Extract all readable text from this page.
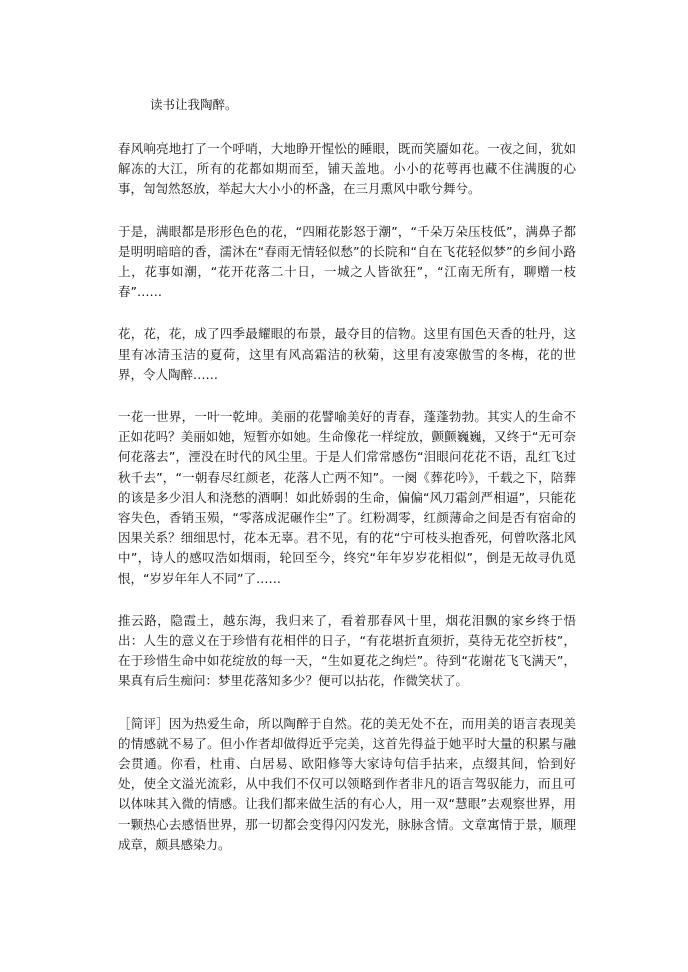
读书让我陶醉。

春风响亮地打了一个呼哨，大地睁开惺忪的睡眼，既而笑靥如花。一夜之间，犹如解冻的大江，所有的花都如期而至，铺天盖地。小小的花萼再也藏不住满腹的心事，訇訇然怒放，举起大大小小的杯盏，在三月熏风中歌兮舞兮。

于是，满眼都是形形色色的花，“四厢花影怒于潮”，“千朵万朵压枝低”，满鼻子都是明明暗暗的香，濡沐在“春雨无情轻似愁”的长院和“自在飞花轻似梦”的乡间小路上，花事如潮，“花开花落二十日，一城之人皆欲狂”，“江南无所有，聊赠一枝春”……

花，花，花，成了四季最耀眼的布景，最夺目的信物。这里有国色天香的牡丹，这里有冰清玉洁的夏荷，这里有风高霜洁的秋菊，这里有凌寒傲雪的冬梅，花的世界，令人陶醉……

一花一世界，一叶一乾坤。美丽的花譬喻美好的青春，蓬蓬勃勃。其实人的生命不正如花吗？美丽如她，短暂亦如她。生命像花一样绽放，颤颤巍巍，又终于“无可奈何花落去”，湮没在时代的风尘里。于是人们常常感伤“泪眼问花花不语，乱红飞过秋千去”，“一朝春尽红颜老，花落人亡两不知”。一阕《葬花吟》，千载之下，陪葬的该是多少泪人和浇愁的酒啊！如此娇弱的生命，偏偏“风刀霜剑严相逼”，只能花容失色，香销玉殒，“零落成泥碾作尘”了。红粉凋零，红颜薄命之间是否有宿命的因果关系？细细思忖，花本无辜。君不见，有的花“宁可枝头抱香死，何曾吹落北风中”，诗人的感叹浩如烟雨，轮回至今，终究“年年岁岁花相似”，倒是无故寻仇觅恨，“岁岁年年人不同”了……

推云路，隐霞土，越东海，我归来了，看着那春风十里，烟花泪飘的家乡终于悟出：人生的意义在于珍惜有花相伴的日子，“有花堪折直须折，莫待无花空折枝”，在于珍惜生命中如花绽放的每一天，“生如夏花之绚烂”。待到“花谢花飞飞满天”，果真有后生痴问：梦里花落知多少？便可以拈花，作微笑状了。

［简评］因为热爱生命，所以陶醉于自然。花的美无处不在，而用美的语言表现美的情感就不易了。但小作者却做得近乎完美，这首先得益于她平时大量的积累与融会贯通。你看，杜甫、白居易、欧阳修等大家诗句信手拈来，点缀其间，恰到好处，使全文溢光流彩，从中我们不仅可以领略到作者非凡的语言驾驭能力，而且可以体味其入微的情感。让我们都来做生活的有心人，用一双“慧眼”去观察世界，用一颗热心去感悟世界，那一切都会变得闪闪发光，脉脉含情。文章寓情于景，顺理成章，颇具感染力。
